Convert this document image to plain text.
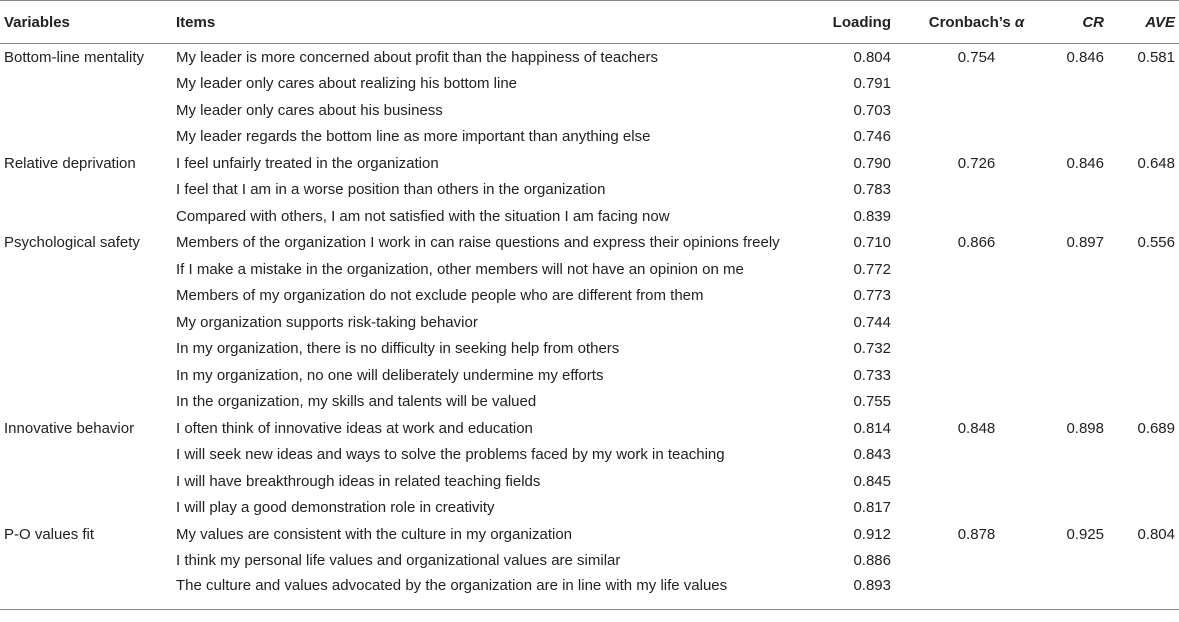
Variables	Items	Loading	Cronbach’s α	CR	AVE
Bottom-line mentality	My leader is more concerned about profit than the happiness of teachers	0.804	0.754	0.846	0.581
	My leader only cares about realizing his bottom line	0.791			
	My leader only cares about his business	0.703			
	My leader regards the bottom line as more important than anything else	0.746			
Relative deprivation	I feel unfairly treated in the organization	0.790	0.726	0.846	0.648
	I feel that I am in a worse position than others in the organization	0.783			
	Compared with others, I am not satisfied with the situation I am facing now	0.839			
Psychological safety	Members of the organization I work in can raise questions and express their opinions freely	0.710	0.866	0.897	0.556
	If I make a mistake in the organization, other members will not have an opinion on me	0.772			
	Members of my organization do not exclude people who are different from them	0.773			
	My organization supports risk-taking behavior	0.744			
	In my organization, there is no difficulty in seeking help from others	0.732			
	In my organization, no one will deliberately undermine my efforts	0.733			
	In the organization, my skills and talents will be valued	0.755			
Innovative behavior	I often think of innovative ideas at work and education	0.814	0.848	0.898	0.689
	I will seek new ideas and ways to solve the problems faced by my work in teaching	0.843			
	I will have breakthrough ideas in related teaching fields	0.845			
	I will play a good demonstration role in creativity	0.817			
P-O values fit	My values are consistent with the culture in my organization	0.912	0.878	0.925	0.804
	I think my personal life values and organizational values are similar	0.886			
	The culture and values advocated by the organization are in line with my life values	0.893			
